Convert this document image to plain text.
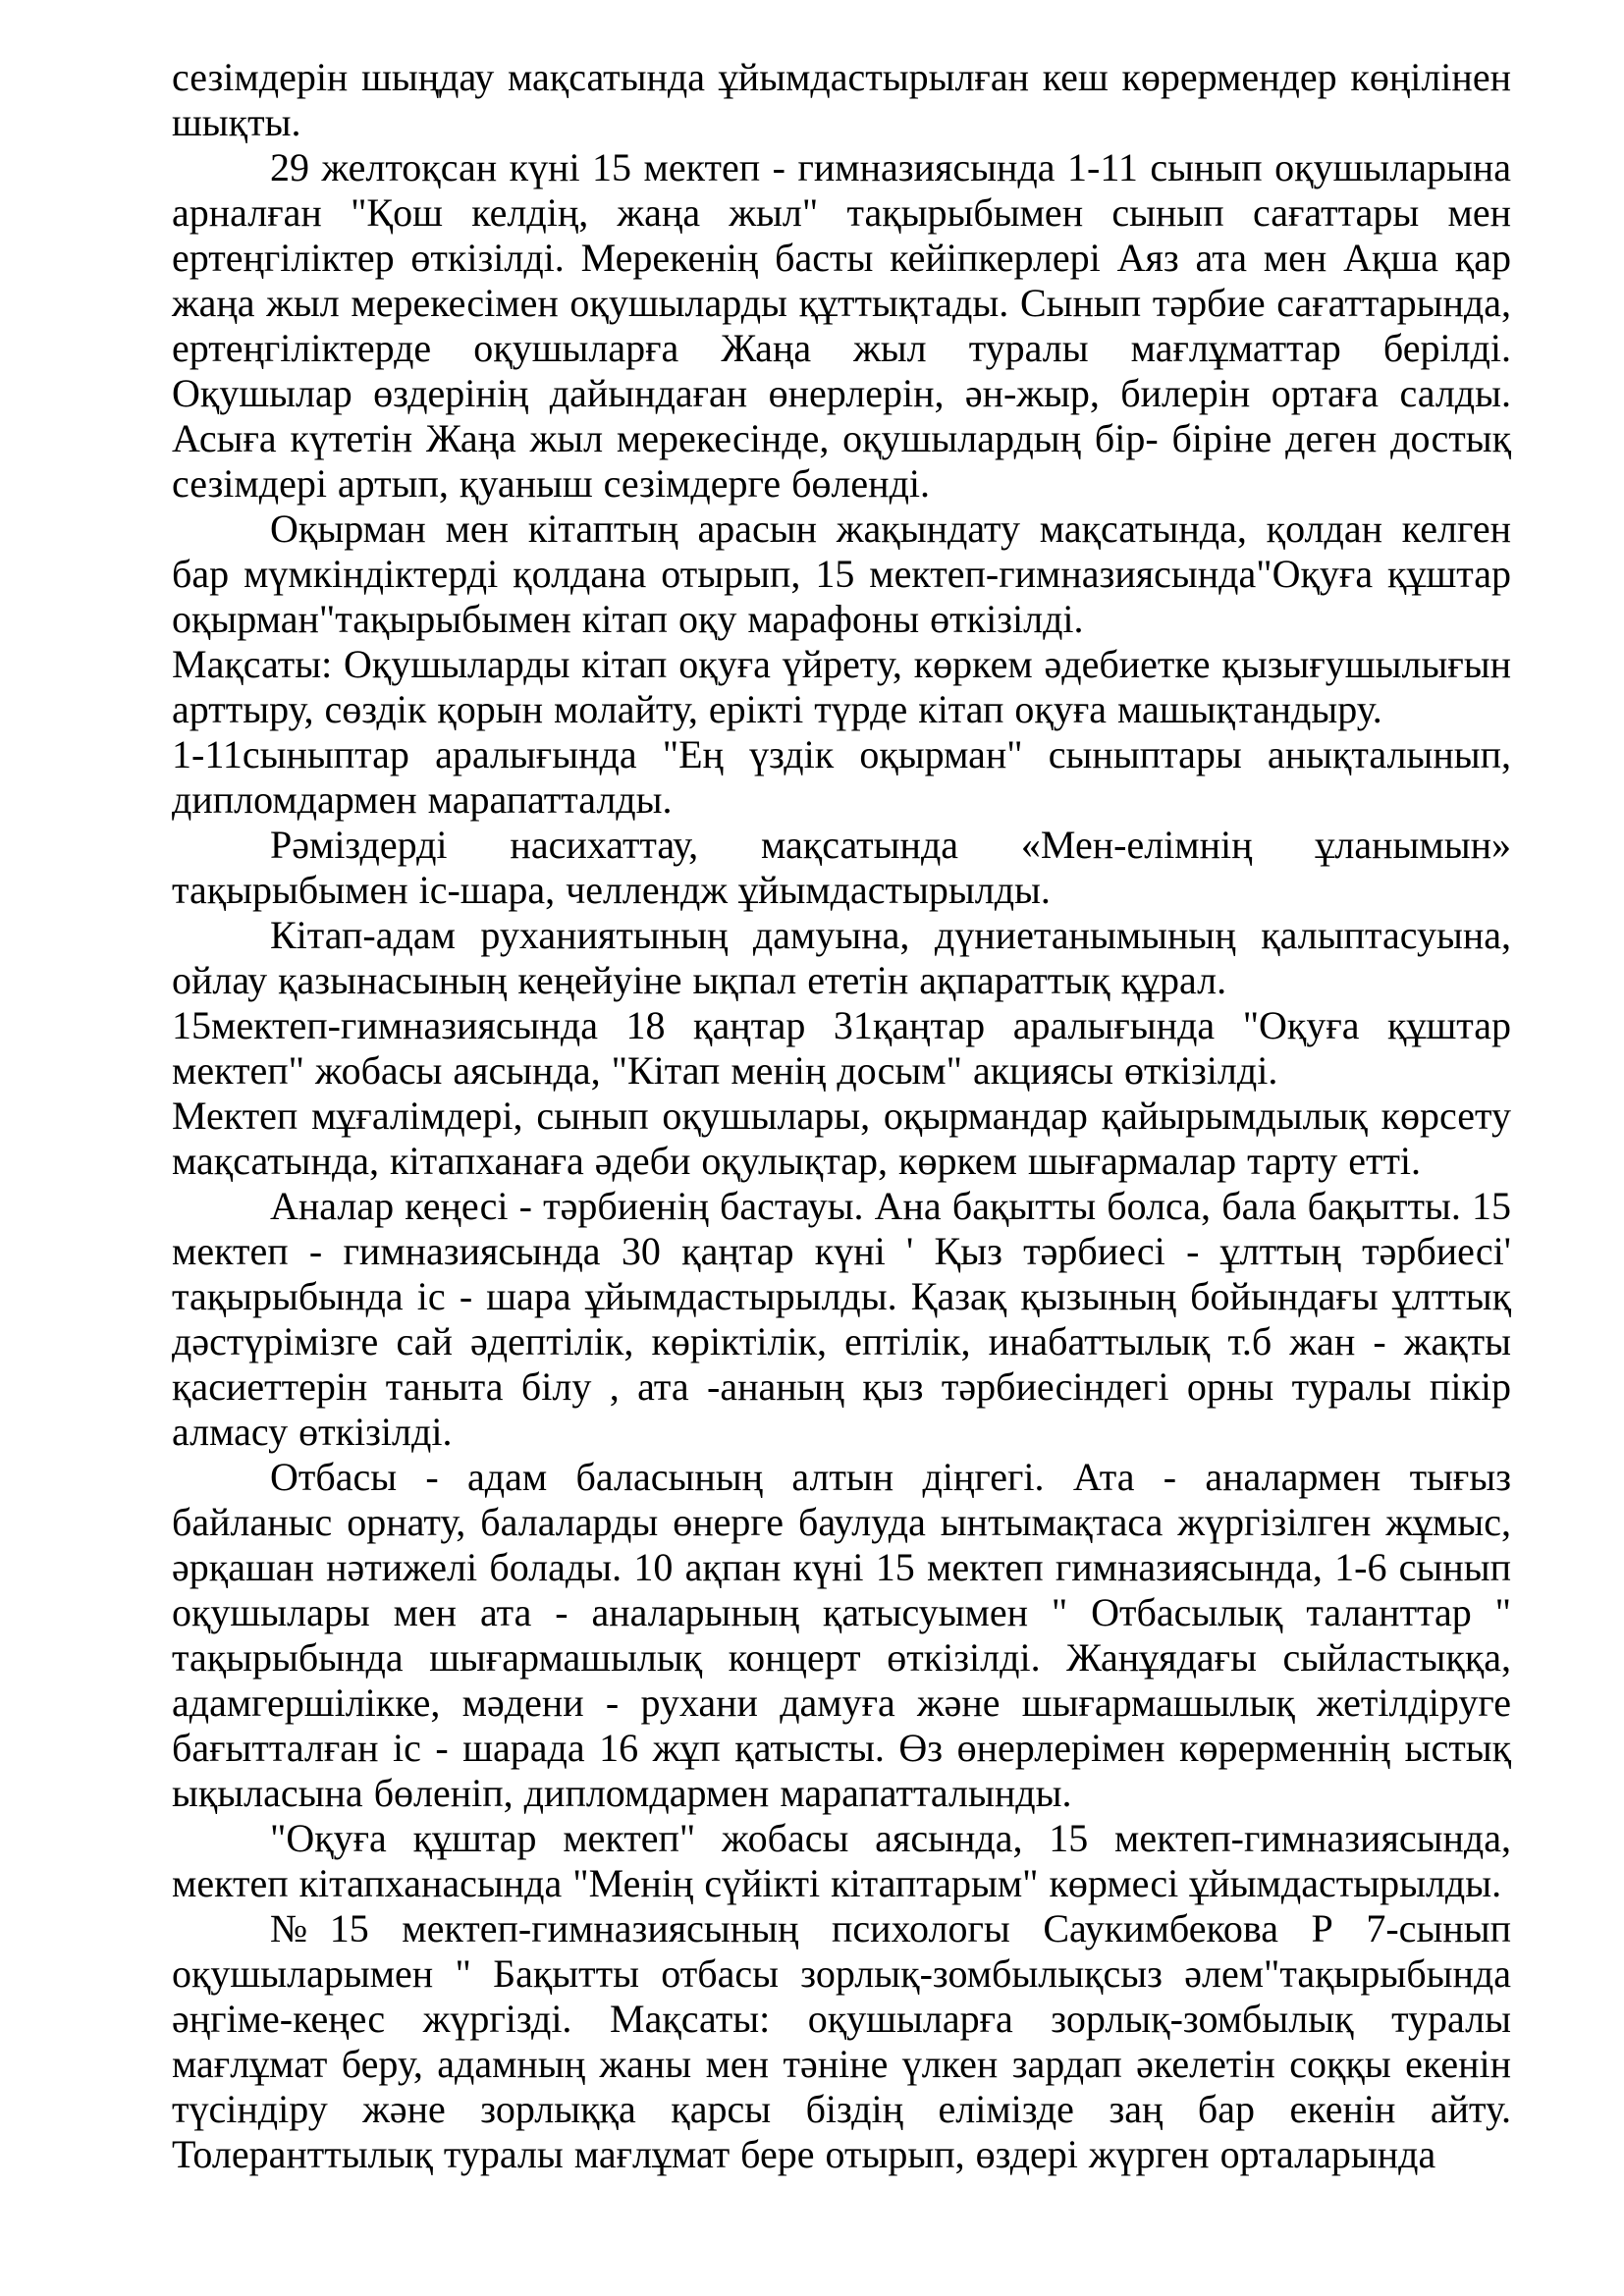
сезімдерін шыңдау мақсатында ұйымдастырылған кеш көрермендер көңілінен шықты.

29 желтоқсан күні 15 мектеп - гимназиясында 1-11 сынып оқушыларына арналған "Қош келдің, жаңа жыл" тақырыбымен сынып сағаттары мен ертеңгіліктер өткізілді. Мерекенің басты кейіпкерлері Аяз ата мен Ақша қар жаңа жыл мерекесімен оқушыларды құттықтады. Сынып тәрбие сағаттарында, ертеңгіліктерде оқушыларға Жаңа жыл туралы мағлұматтар берілді. Оқушылар өздерінің дайындаған өнерлерін, ән-жыр, билерін ортаға салды. Асыға күтетін Жаңа жыл мерекесінде, оқушылардың бір- біріне деген достық сезімдері артып, қуаныш сезімдерге бөленді.

Оқырман мен кітаптың арасын жақындату мақсатында, қолдан келген бар мүмкіндіктерді қолдана отырып, 15 мектеп-гимназиясында"Оқуға құштар оқырман"тақырыбымен кітап оқу марафоны өткізілді.

Мақсаты: Оқушыларды кітап оқуға үйрету, көркем әдебиетке қызығушылығын арттыру, сөздік қорын молайту, ерікті түрде кітап оқуға машықтандыру.

1-11сыныптар аралығында "Ең үздік оқырман" сыныптары анықталынып, дипломдармен марапатталды.

Рәміздерді насихаттау, мақсатында «Мен-елімнің ұланымын» тақырыбымен іс-шара, челлендж ұйымдастырылды.

Кітап-адам руханиятының дамуына, дүниетанымының қалыптасуына, ойлау қазынасының кеңейуіне ықпал ететін ақпараттық құрал.

15мектеп-гимназиясында 18 қаңтар 31қаңтар аралығында "Оқуға құштар мектеп" жобасы аясында, "Кітап менің досым" акциясы өткізілді.

Мектеп мұғалімдері, сынып оқушылары, оқырмандар қайырымдылық көрсету мақсатында, кітапханаға әдеби оқулықтар, көркем шығармалар тарту етті.

Аналар кеңесі - тәрбиенің бастауы. Ана бақытты болса, бала бақытты. 15 мектеп - гимназиясында 30 қаңтар күні ' Қыз тәрбиесі - ұлттың тәрбиесі' тақырыбында іс - шара ұйымдастырылды. Қазақ қызының бойындағы ұлттық дәстүрімізге сай әдептілік, көріктілік, ептілік, инабаттылық т.б жан - жақты қасиеттерін таныта білу , ата -ананың қыз тәрбиесіндегі орны туралы пікір алмасу өткізілді.

Отбасы - адам баласының алтын діңгегі. Ата - аналармен тығыз байланыс орнату, балаларды өнерге баулуда ынтымақтаса жүргізілген жұмыс, әрқашан нәтижелі болады. 10 ақпан күні 15 мектеп гимназиясында, 1-6 сынып оқушылары мен ата - аналарының қатысуымен " Отбасылық таланттар " тақырыбында шығармашылық концерт өткізілді. Жанұядағы сыйластыққа, адамгершілікке, мәдени - рухани дамуға және шығармашылық жетілдіруге бағытталған іс - шарада 16 жұп қатысты. Өз өнерлерімен көрерменнің ыстық ықыласына бөленіп, дипломдармен марапатталынды.

"Оқуға құштар мектеп" жобасы аясында, 15 мектеп-гимназиясында, мектеп кітапханасында "Менің сүйікті кітаптарым" көрмесі ұйымдастырылды.

№15 мектеп-гимназиясының психологы Саукимбекова Р 7-сынып оқушыларымен " Бақытты отбасы зорлық-зомбылықсыз әлем"тақырыбында әңгіме-кеңес жүргізді. Мақсаты: оқушыларға зорлық-зомбылық туралы мағлұмат беру, адамның жаны мен тәніне үлкен зардап әкелетін соққы екенін түсіндіру және зорлыққа қарсы біздің елімізде заң бар екенін айту. Толеранттылық туралы мағлұмат бере отырып, өздері жүрген орталарында
